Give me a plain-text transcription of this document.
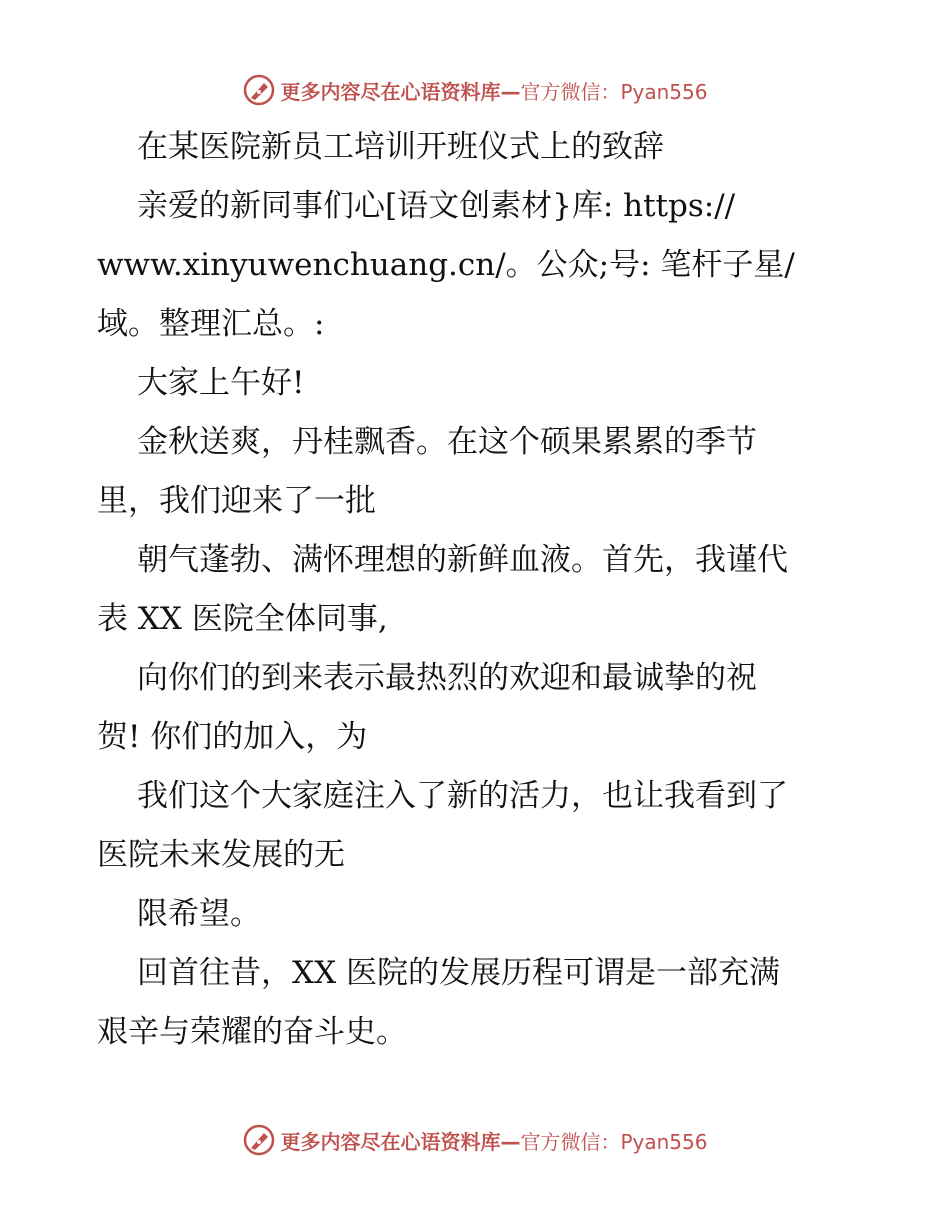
更多内容尽在心语资料库—官方微信：Pyan556

在某医院新员工培训开班仪式上的致辞

亲爱的新同事们心[语文创素材}库: https://

www.xinyuwenchuang.cn/。公众;号: 笔杆子星/

域。整理汇总。:

大家上午好!

金秋送爽，丹桂飘香。在这个硕果累累的季节

里，我们迎来了一批

朝气蓬勃、满怀理想的新鲜血液。首先，我谨代

表 XX 医院全体同事,

向你们的到来表示最热烈的欢迎和最诚挚的祝

贺! 你们的加入，为

我们这个大家庭注入了新的活力，也让我看到了

医院未来发展的无

限希望。

回首往昔，XX 医院的发展历程可谓是一部充满

艰辛与荣耀的奋斗史。

更多内容尽在心语资料库—官方微信：Pyan556
